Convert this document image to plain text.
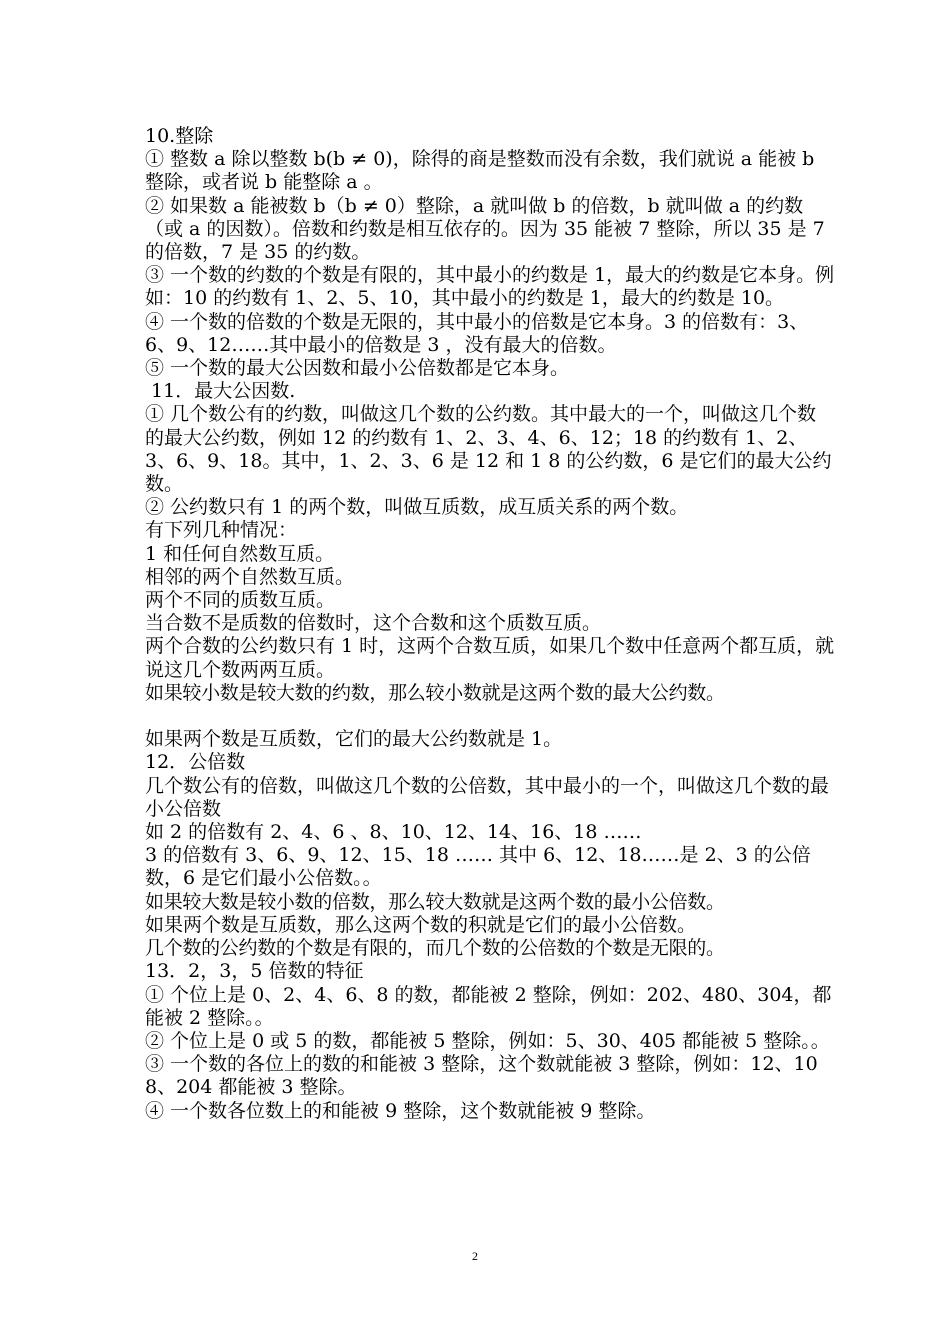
10.整除

① 整数 a 除以整数 b(b ≠ 0)，除得的商是整数而没有余数，我们就说 a 能被 b 整除，或者说 b 能整除 a 。

② 如果数 a 能被数 b（b ≠ 0）整除，a 就叫做 b 的倍数，b 就叫做 a 的约数（或 a 的因数）。倍数和约数是相互依存的。因为 35 能被 7 整除，所以 35 是 7 的倍数，7 是 35 的约数。

③ 一个数的约数的个数是有限的，其中最小的约数是 1，最大的约数是它本身。例如：10 的约数有 1、2、5、10，其中最小的约数是 1，最大的约数是 10。

④ 一个数的倍数的个数是无限的，其中最小的倍数是它本身。3 的倍数有：3、6、9、12……其中最小的倍数是 3 ，没有最大的倍数。

⑤ 一个数的最大公因数和最小公倍数都是它本身。

11．最大公因数.

① 几个数公有的约数，叫做这几个数的公约数。其中最大的一个，叫做这几个数的最大公约数，例如 12 的约数有 1、2、3、4、6、12；18 的约数有 1、2、3、6、9、18。其中，1、2、3、6 是 12 和 1 8 的公约数，6 是它们的最大公约数。

② 公约数只有 1 的两个数，叫做互质数，成互质关系的两个数。

有下列几种情况：

1 和任何自然数互质。

相邻的两个自然数互质。

两个不同的质数互质。

当合数不是质数的倍数时，这个合数和这个质数互质。

两个合数的公约数只有 1 时，这两个合数互质，如果几个数中任意两个都互质，就说这几个数两两互质。

如果较小数是较大数的约数，那么较小数就是这两个数的最大公约数。

如果两个数是互质数，它们的最大公约数就是 1。

12．公倍数

几个数公有的倍数，叫做这几个数的公倍数，其中最小的一个，叫做这几个数的最小公倍数

如 2 的倍数有 2、4、6 、8、10、12、14、16、18 ……

3 的倍数有 3、6、9、12、15、18 …… 其中 6、12、18……是 2、3 的公倍数，6 是它们最小公倍数。。

如果较大数是较小数的倍数，那么较大数就是这两个数的最小公倍数。

如果两个数是互质数，那么这两个数的积就是它们的最小公倍数。

几个数的公约数的个数是有限的，而几个数的公倍数的个数是无限的。

13．2，3，5 倍数的特征

① 个位上是 0、2、4、6、8 的数，都能被 2 整除，例如：202、480、304，都能被 2 整除。。

② 个位上是 0 或 5 的数，都能被 5 整除，例如：5、30、405 都能被 5 整除。。

③ 一个数的各位上的数的和能被 3 整除，这个数就能被 3 整除，例如：12、108、204 都能被 3 整除。

④ 一个数各位数上的和能被 9 整除，这个数就能被 9 整除。

2
